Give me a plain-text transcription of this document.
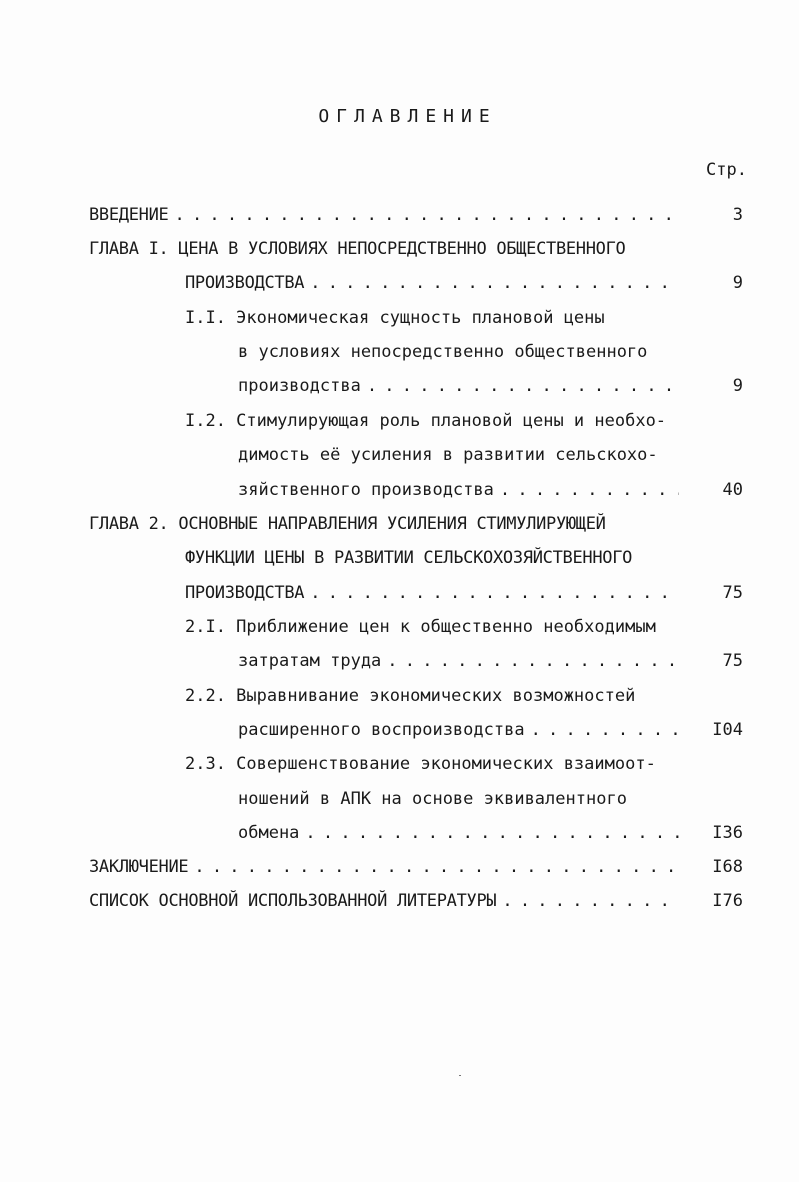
ОГЛАВЛЕНИЕ
Стр.
ВВЕДЕНИЕ . . .	3
ГЛАВА I. ЦЕНА В УСЛОВИЯХ НЕПОСРЕДСТВЕННО ОБЩЕСТВЕННОГО
ПРОИЗВОДСТВА . . .	9
I.I. Экономическая сущность плановой цены
в условиях непосредственно общественного
производства . . .	9
I.2. Стимулирующая роль плановой цены и необхо-
димость её усиления в развитии сельскохо-
зяйственного производства . . .	40
ГЛАВА 2. ОСНОВНЫЕ НАПРАВЛЕНИЯ УСИЛЕНИЯ СТИМУЛИРУЮЩЕЙ
ФУНКЦИИ ЦЕНЫ В РАЗВИТИИ СЕЛЬСКОХОЗЯЙСТВЕННОГО
ПРОИЗВОДСТВА . . .	75
2.I. Приближение цен к общественно необходимым
затратам труда . . .	75
2.2. Выравнивание экономических возможностей
расширенного воспроизводства . . .	I04
2.3. Совершенствование экономических взаимоот-
ношений в АПК на основе эквивалентного
обмена . . .	I36
ЗАКЛЮЧЕНИЕ . . .	I68
СПИСОК ОСНОВНОЙ ИСПОЛЬЗОВАННОЙ ЛИТЕРАТУРЫ . . .	I76
